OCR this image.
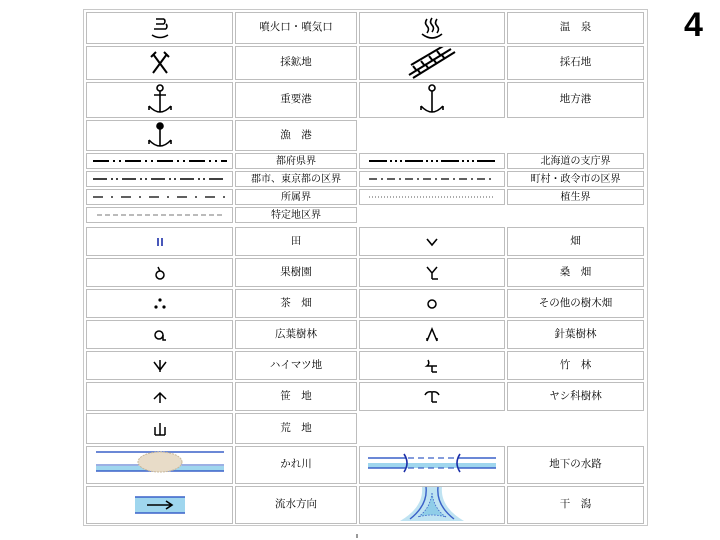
4
噴火口・噴気口	温　泉
採鉱地	採石地
重要港	地方港
漁　港
都府県界	北海道の支庁界
郡市、東京都の区界	町村・政令市の区界
所属界	植生界
特定地区界
田	畑
果樹園	桑　畑
茶　畑	その他の樹木畑
広葉樹林	針葉樹林
ハイマツ地	竹　林
笹　地	ヤシ科樹林
荒　地
かれ川	地下の水路
流水方向	干　潟
